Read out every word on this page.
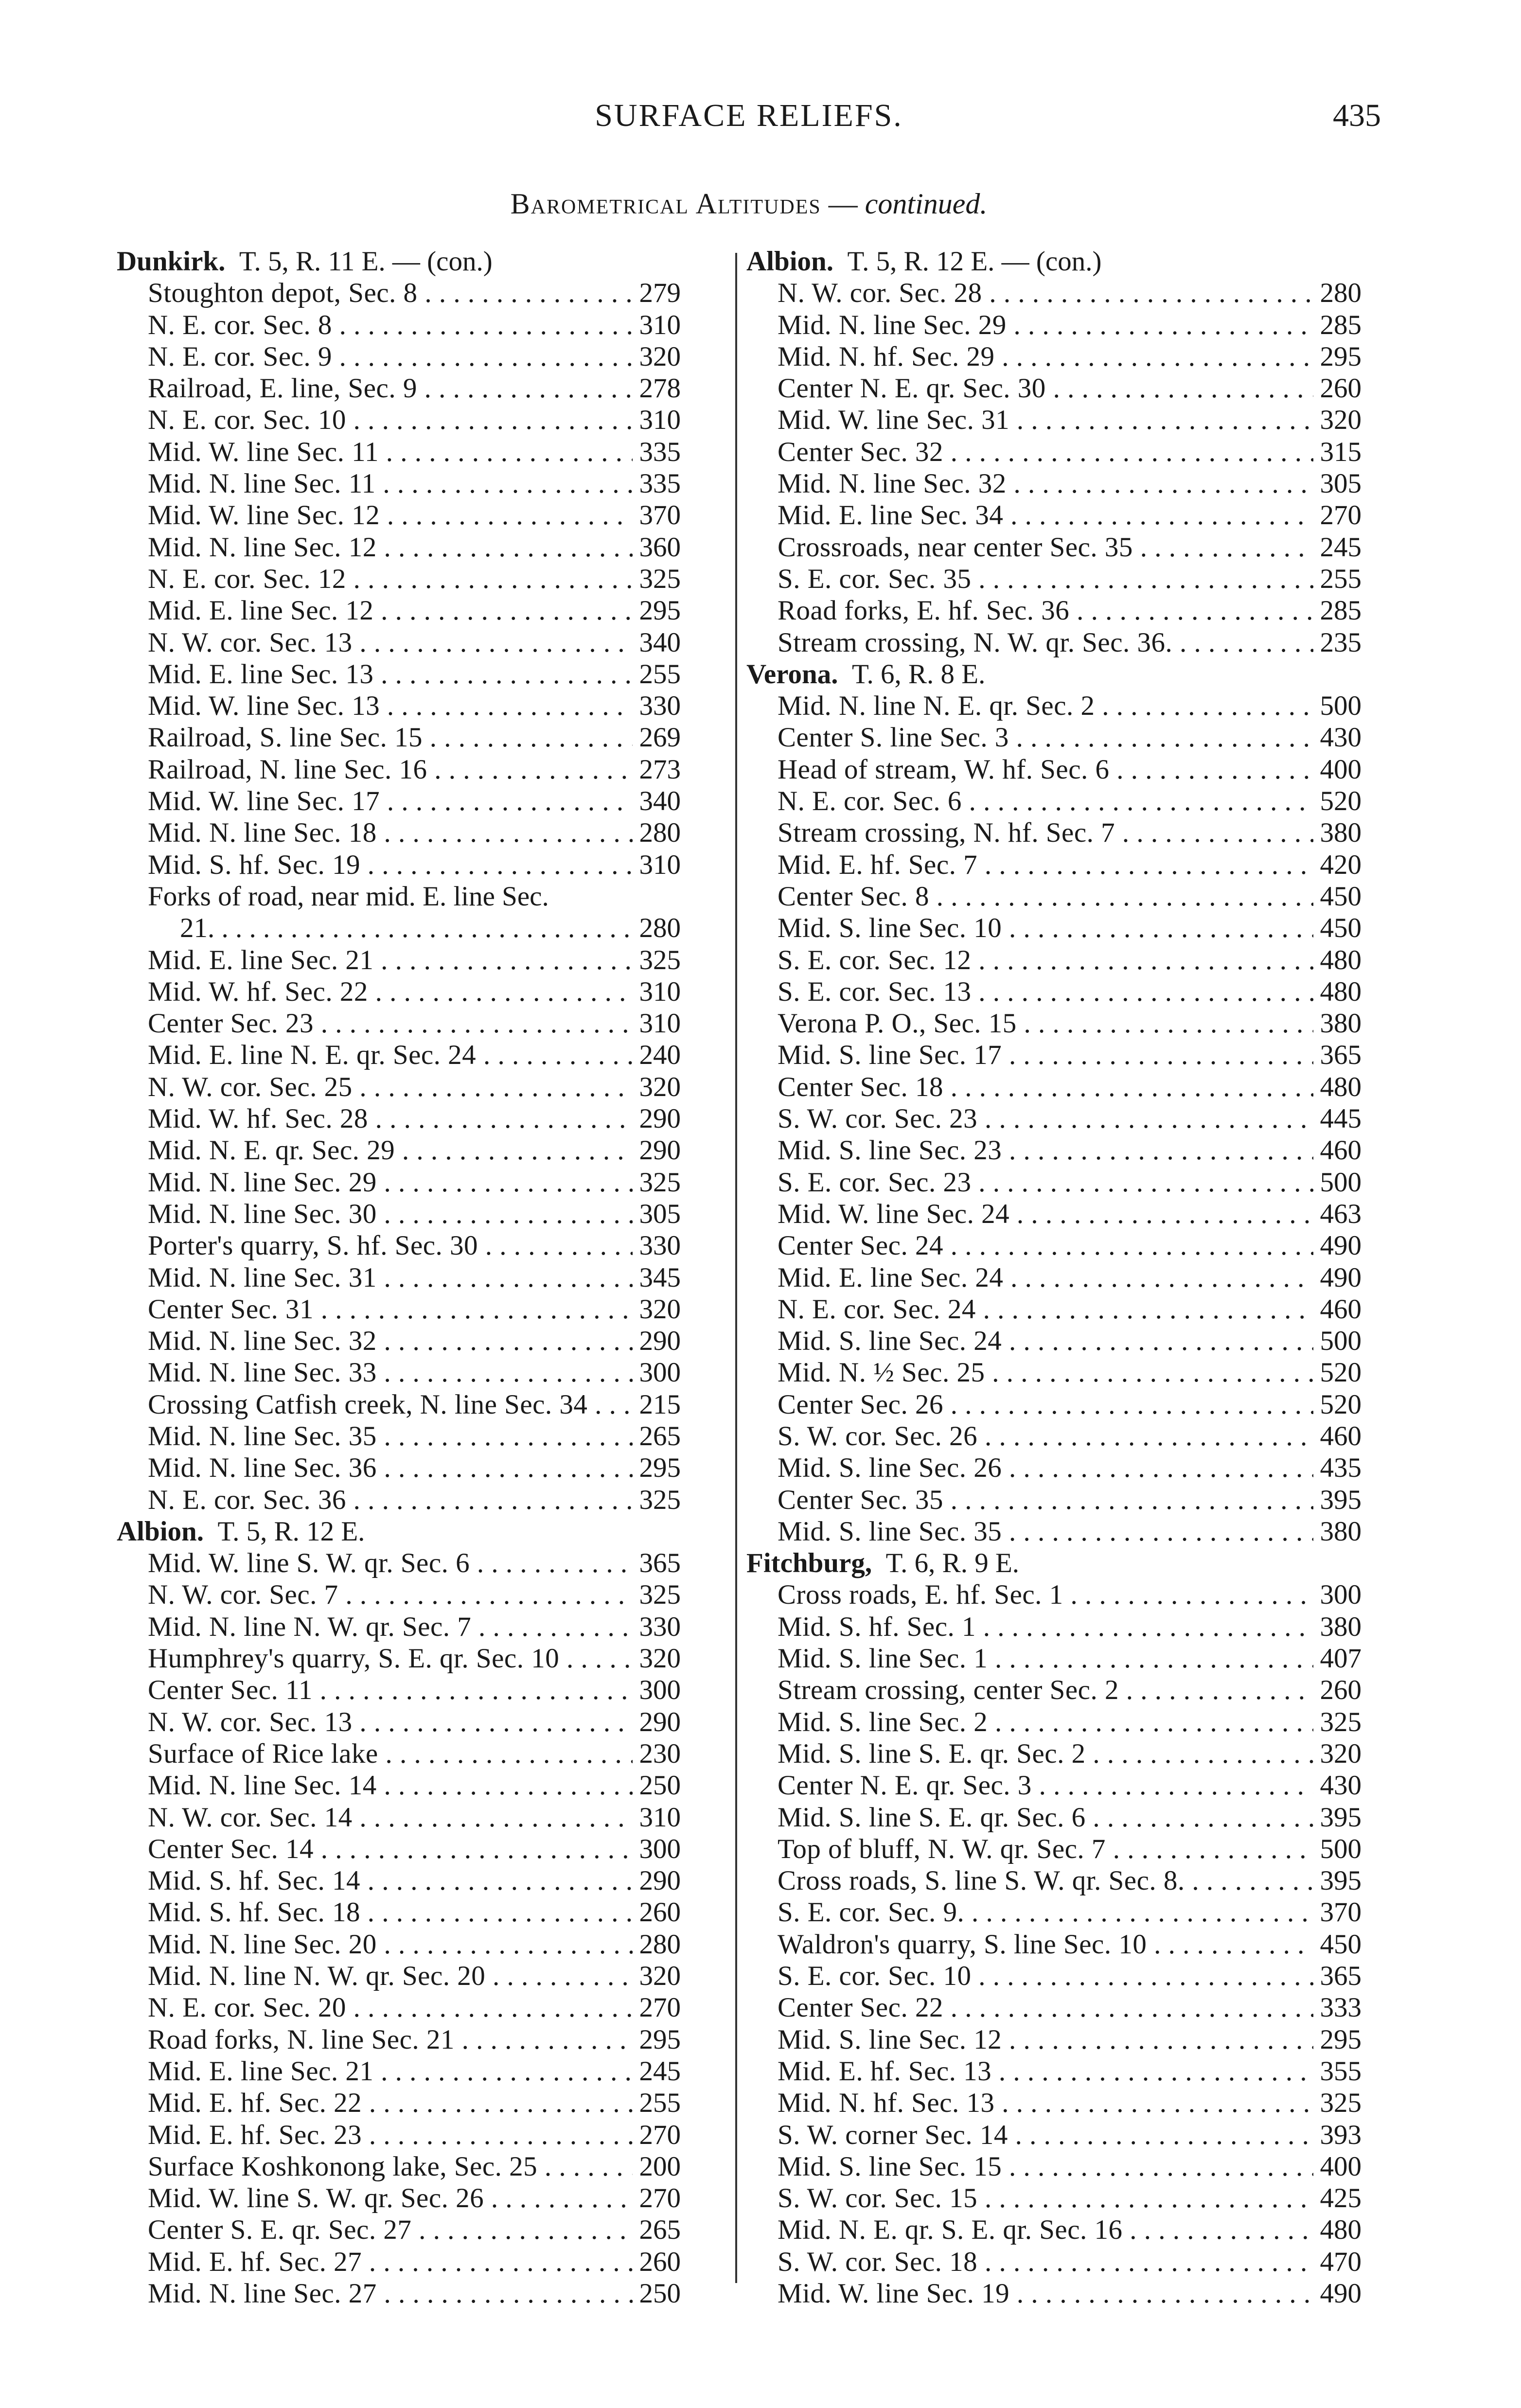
SURFACE RELIEFS.	435
Barometrical Altitudes — continued.
Dunkirk.  T. 5, R. 11 E. — (con.)
Stoughton depot, Sec. 8 . . .	279
N. E. cor. Sec. 8 . . .	310
N. E. cor. Sec. 9 . . .	320
Railroad, E. line, Sec. 9 . . .	278
N. E. cor. Sec. 10 . . .	310
Mid. W. line Sec. 11 . . .	335
Mid. N. line Sec. 11 . . .	335
Mid. W. line Sec. 12 . . .	370
Mid. N. line Sec. 12 . . .	360
N. E. cor. Sec. 12 . . .	325
Mid. E. line Sec. 12 . . .	295
N. W. cor. Sec. 13 . . .	340
Mid. E. line Sec. 13 . . .	255
Mid. W. line Sec. 13 . . .	330
Railroad, S. line Sec. 15 . . .	269
Railroad, N. line Sec. 16 . . .	273
Mid. W. line Sec. 17 . . .	340
Mid. N. line Sec. 18 . . .	280
Mid. S. hf. Sec. 19 . . .	310
Forks of road, near mid. E. line Sec.
21 . . .	280
Mid. E. line Sec. 21 . . .	325
Mid. W. hf. Sec. 22 . . .	310
Center Sec. 23 . . .	310
Mid. E. line N. E. qr. Sec. 24 . . .	240
N. W. cor. Sec. 25 . . .	320
Mid. W. hf. Sec. 28 . . .	290
Mid. N. E. qr. Sec. 29 . . .	290
Mid. N. line Sec. 29 . . .	325
Mid. N. line Sec. 30 . . .	305
Porter's quarry, S. hf. Sec. 30 . . .	330
Mid. N. line Sec. 31 . . .	345
Center Sec. 31 . . .	320
Mid. N. line Sec. 32 . . .	290
Mid. N. line Sec. 33 . . .	300
Crossing Catfish creek, N. line Sec. 34 . . .	215
Mid. N. line Sec. 35 . . .	265
Mid. N. line Sec. 36 . . .	295
N. E. cor. Sec. 36 . . .	325
Albion.  T. 5, R. 12 E.
Mid. W. line S. W. qr. Sec. 6 . . .	365
N. W. cor. Sec. 7 . . .	325
Mid. N. line N. W. qr. Sec. 7 . . .	330
Humphrey's quarry, S. E. qr. Sec. 10 . . .	320
Center Sec. 11 . . .	300
N. W. cor. Sec. 13 . . .	290
Surface of Rice lake . . .	230
Mid. N. line Sec. 14 . . .	250
N. W. cor. Sec. 14 . . .	310
Center Sec. 14 . . .	300
Mid. S. hf. Sec. 14 . . .	290
Mid. S. hf. Sec. 18 . . .	260
Mid. N. line Sec. 20 . . .	280
Mid. N. line N. W. qr. Sec. 20 . . .	320
N. E. cor. Sec. 20 . . .	270
Road forks, N. line Sec. 21 . . .	295
Mid. E. line Sec. 21 . . .	245
Mid. E. hf. Sec. 22 . . .	255
Mid. E. hf. Sec. 23 . . .	270
Surface Koshkonong lake, Sec. 25 . . .	200
Mid. W. line S. W. qr. Sec. 26 . . .	270
Center S. E. qr. Sec. 27 . . .	265
Mid. E. hf. Sec. 27 . . .	260
Mid. N. line Sec. 27 . . .	250
Albion.  T. 5, R. 12 E. — (con.)
N. W. cor. Sec. 28 . . .	280
Mid. N. line Sec. 29 . . .	285
Mid. N. hf. Sec. 29 . . .	295
Center N. E. qr. Sec. 30 . . .	260
Mid. W. line Sec. 31 . . .	320
Center Sec. 32 . . .	315
Mid. N. line Sec. 32 . . .	305
Mid. E. line Sec. 34 . . .	270
Crossroads, near center Sec. 35 . . .	245
S. E. cor. Sec. 35 . . .	255
Road forks, E. hf. Sec. 36 . . .	285
Stream crossing, N. W. qr. Sec. 36. . . .	235
Verona.  T. 6, R. 8 E.
Mid. N. line N. E. qr. Sec. 2 . . .	500
Center S. line Sec. 3 . . .	430
Head of stream, W. hf. Sec. 6 . . .	400
N. E. cor. Sec. 6 . . .	520
Stream crossing, N. hf. Sec. 7 . . .	380
Mid. E. hf. Sec. 7 . . .	420
Center Sec. 8 . . .	450
Mid. S. line Sec. 10 . . .	450
S. E. cor. Sec. 12 . . .	480
S. E. cor. Sec. 13 . . .	480
Verona P. O., Sec. 15 . . .	380
Mid. S. line Sec. 17 . . .	365
Center Sec. 18 . . .	480
S. W. cor. Sec. 23 . . .	445
Mid. S. line Sec. 23 . . .	460
S. E. cor. Sec. 23 . . .	500
Mid. W. line Sec. 24 . . .	463
Center Sec. 24 . . .	490
Mid. E. line Sec. 24 . . .	490
N. E. cor. Sec. 24 . . .	460
Mid. S. line Sec. 24 . . .	500
Mid. N. ½ Sec. 25 . . .	520
Center Sec. 26 . . .	520
S. W. cor. Sec. 26 . . .	460
Mid. S. line Sec. 26 . . .	435
Center Sec. 35 . . .	395
Mid. S. line Sec. 35 . . .	380
Fitchburg,  T. 6, R. 9 E.
Cross roads, E. hf. Sec. 1 . . .	300
Mid. S. hf. Sec. 1 . . .	380
Mid. S. line Sec. 1 . . .	407
Stream crossing, center Sec. 2 . . .	260
Mid. S. line Sec. 2 . . .	325
Mid. S. line S. E. qr. Sec. 2 . . .	320
Center N. E. qr. Sec. 3 . . .	430
Mid. S. line S. E. qr. Sec. 6 . . .	395
Top of bluff, N. W. qr. Sec. 7 . . .	500
Cross roads, S. line S. W. qr. Sec. 8. . . .	395
S. E. cor. Sec. 9. . . .	370
Waldron's quarry, S. line Sec. 10 . . .	450
S. E. cor. Sec. 10 . . .	365
Center Sec. 22 . . .	333
Mid. S. line Sec. 12 . . .	295
Mid. E. hf. Sec. 13 . . .	355
Mid. N. hf. Sec. 13 . . .	325
S. W. corner Sec. 14 . . .	393
Mid. S. line Sec. 15 . . .	400
S. W. cor. Sec. 15 . . .	425
Mid. N. E. qr. S. E. qr. Sec. 16 . . .	480
S. W. cor. Sec. 18 . . .	470
Mid. W. line Sec. 19 . . .	490
